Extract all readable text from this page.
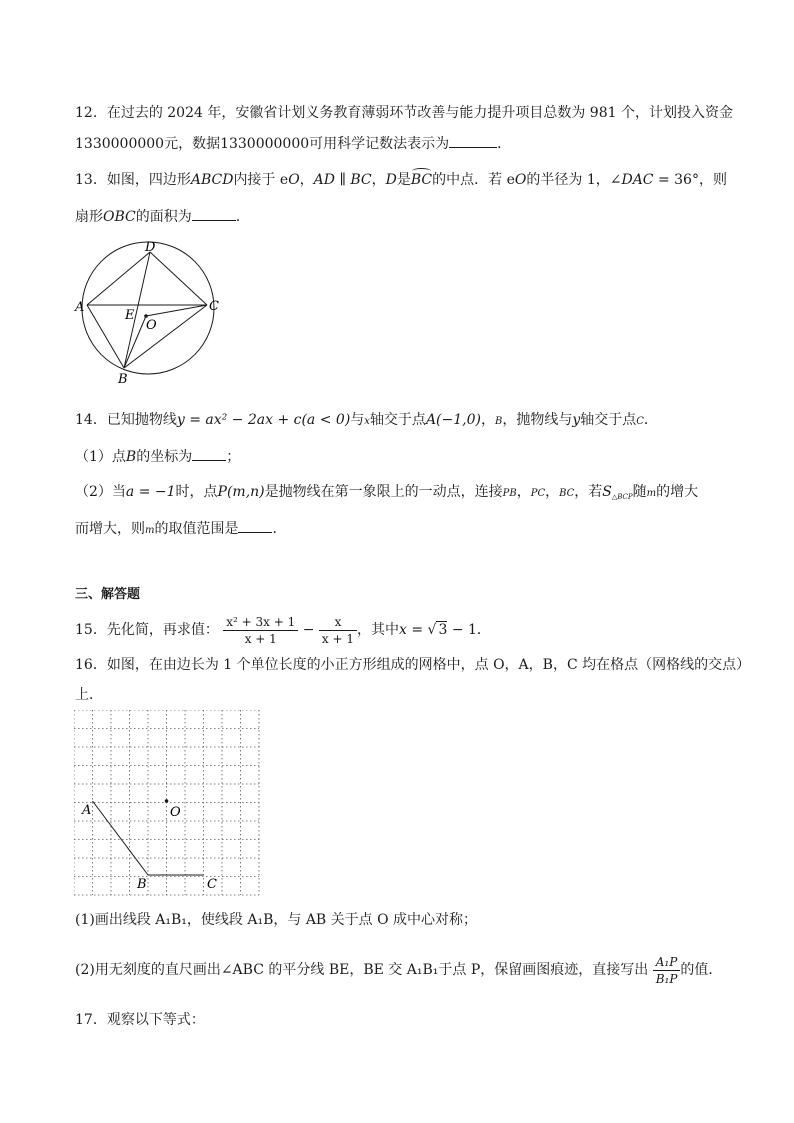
12．在过去的 2024 年，安徽省计划义务教育薄弱环节改善与能力提升项目总数为 981 个，计划投入资金
1330000000元，数据1330000000可用科学记数法表示为	．
13．如图，四边形ABCD内接于 eO，AD ∥ BC，D是BC的中点．若 eO的半径为 1，∠DAC = 36°，则
扇形OBC的面积为	．
D
A	C
B
E
O
14．已知抛物线y = ax² − 2ax + c(a < 0)与x轴交于点A(−1,0)，B，抛物线与y轴交于点C．
（1）点B的坐标为 ；
（2）当a = −1时，点P(m,n)是抛物线在第一象限上的一动点，连接PB，PC，BC，若$S_{\triangle BCP}$随m的增大
而增大，则m的取值范围是 ．
三、解答题
15．先化简，再求值： $\frac{\text{x² + 3x + 1}}{x + 1} - \frac{x}{x + 1}$ ，其中x = √ 3 − 1．
16．如图，在由边长为 1 个单位长度的小正方形组成的网格中，点 O，A，B，C 均在格点（网格线的交点）
上．
A	O
B	C
(1)画出线段 A₁B₁，使线段 A₁B，与 AB 关于点 O 成中心对称；
(2)用无刻度的直尺画出∠ABC 的平分线 BE，BE 交 A₁B₁于点 P，保留画图痕迹，直接写出 $\frac{\text{A₁P}}{\text{B₁P}}$ 的值．
17．观察以下等式：
